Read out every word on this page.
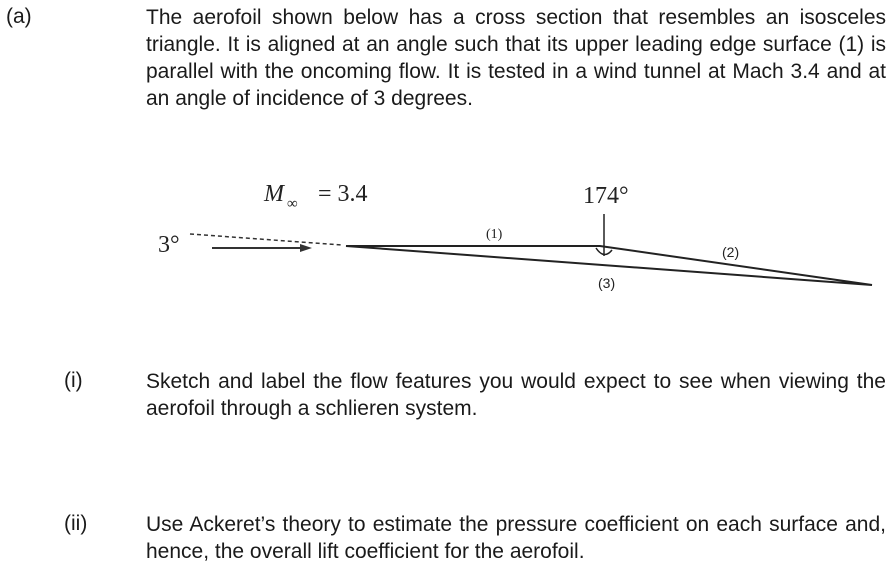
(a)	The aerofoil shown below has a cross section that resembles an isosceles triangle. It is aligned at an angle such that its upper leading edge surface (1) is parallel with the oncoming flow. It is tested in a wind tunnel at Mach 3.4 and at an angle of incidence of 3 degrees.
M ∞ = 3.4	174°
3°	(1)
(2)
(3)
(i)	Sketch and label the flow features you would expect to see when viewing the aerofoil through a schlieren system.
(ii)	Use Ackeret’s theory to estimate the pressure coefficient on each surface and, hence, the overall lift coefficient for the aerofoil.
